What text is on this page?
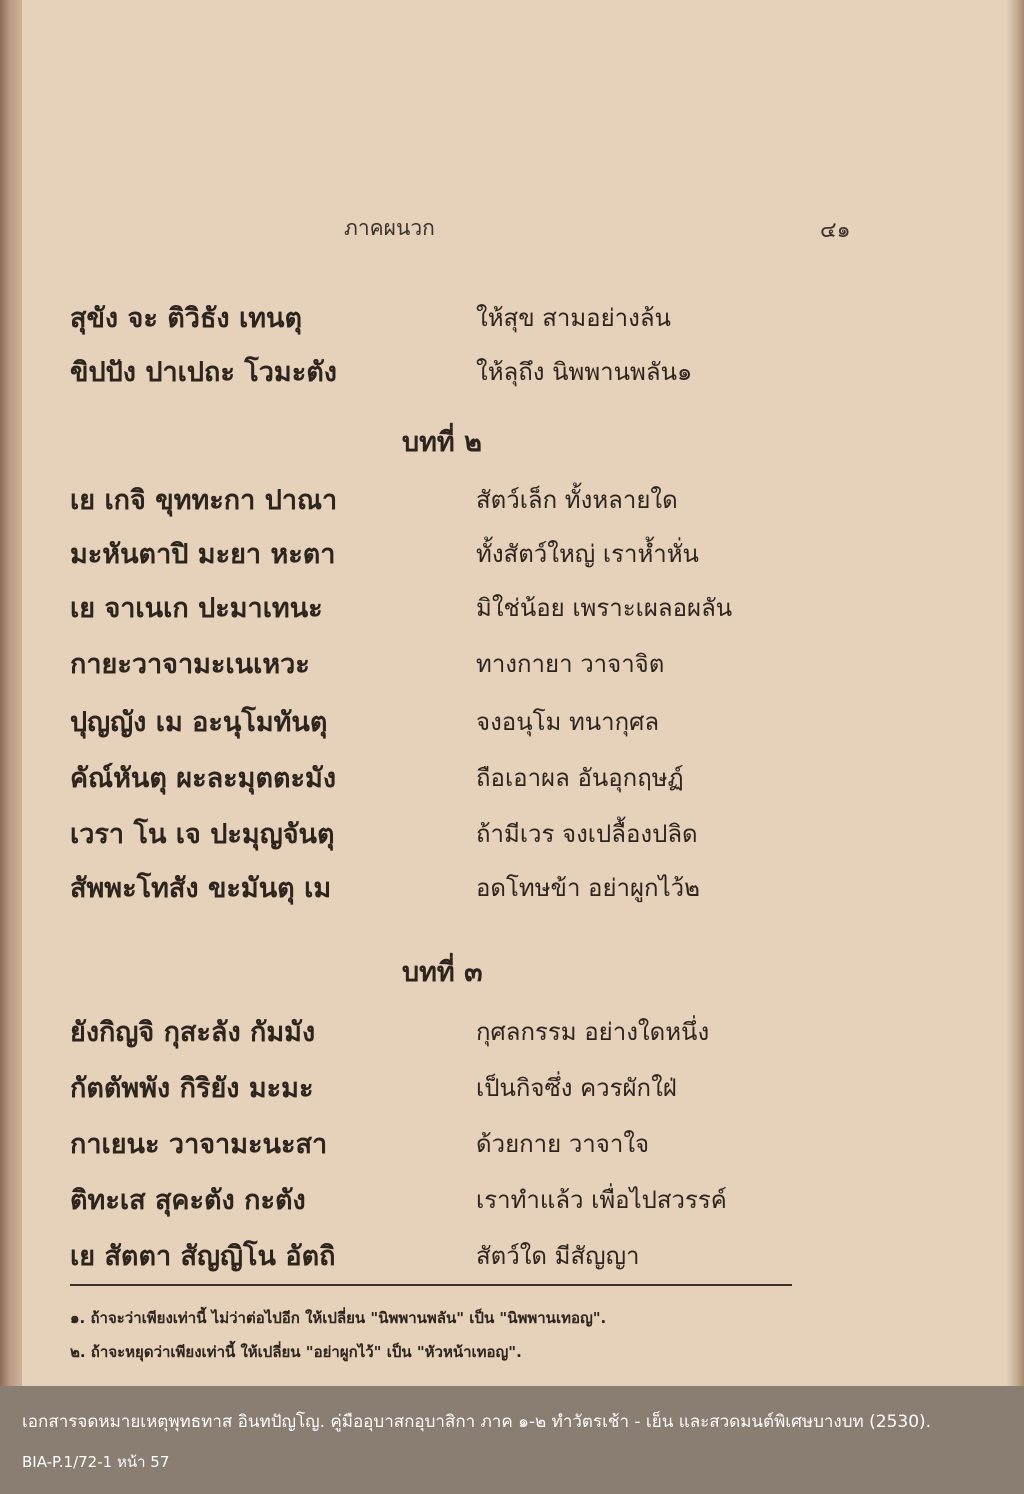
ภาคผนวก	๔๑
สุขัง จะ ติวิธัง เทนตุ	ให้สุข สามอย่างล้น
ขิปปัง ปาเปถะ โวมะตัง	ให้ลุถึง นิพพานพลัน๑
บทที่ ๒
เย เกจิ ขุททะกา ปาณา	สัตว์เล็ก ทั้งหลายใด
มะหันตาปิ มะยา หะตา	ทั้งสัตว์ใหญ่ เราห้ำหั่น
เย จาเนเก ปะมาเทนะ	มิใช่น้อย เพราะเผลอผลัน
กายะวาจามะเนเหวะ	ทางกายา วาจาจิต
ปุญญัง เม อะนุโมทันตุ	จงอนุโม ทนากุศล
คัณ์หันตุ ผะละมุตตะมัง	ถือเอาผล อันอุกฤษฏ์
เวรา โน เจ ปะมุญจันตุ	ถ้ามีเวร จงเปลื้องปลิด
สัพพะโทสัง ขะมันตุ เม	อดโทษข้า อย่าผูกไว้๒
บทที่ ๓
ยังกิญจิ กุสะลัง กัมมัง	กุศลกรรม อย่างใดหนึ่ง
กัตตัพพัง กิริยัง มะมะ	เป็นกิจซึ่ง ควรผักใฝ่
กาเยนะ วาจามะนะสา	ด้วยกาย วาจาใจ
ติทะเส สุคะตัง กะตัง	เราทำแล้ว เพื่อไปสวรรค์
เย สัตตา สัญญิโน อัตถิ	สัตว์ใด มีสัญญา
๑. ถ้าจะว่าเพียงเท่านี้ ไม่ว่าต่อไปอีก ให้เปลี่ยน "นิพพานพลัน" เป็น "นิพพานเทอญ".
๒. ถ้าจะหยุดว่าเพียงเท่านี้ ให้เปลี่ยน "อย่าผูกไว้" เป็น "หัวหน้าเทอญ".
เอกสารจดหมายเหตุพุทธทาส อินทปัญโญ. คู่มืออุบาสกอุบาสิกา ภาค ๑-๒ ทำวัตรเช้า - เย็น และสวดมนต์พิเศษบางบท (2530).
BIA-P.1/72-1 หน้า 57
